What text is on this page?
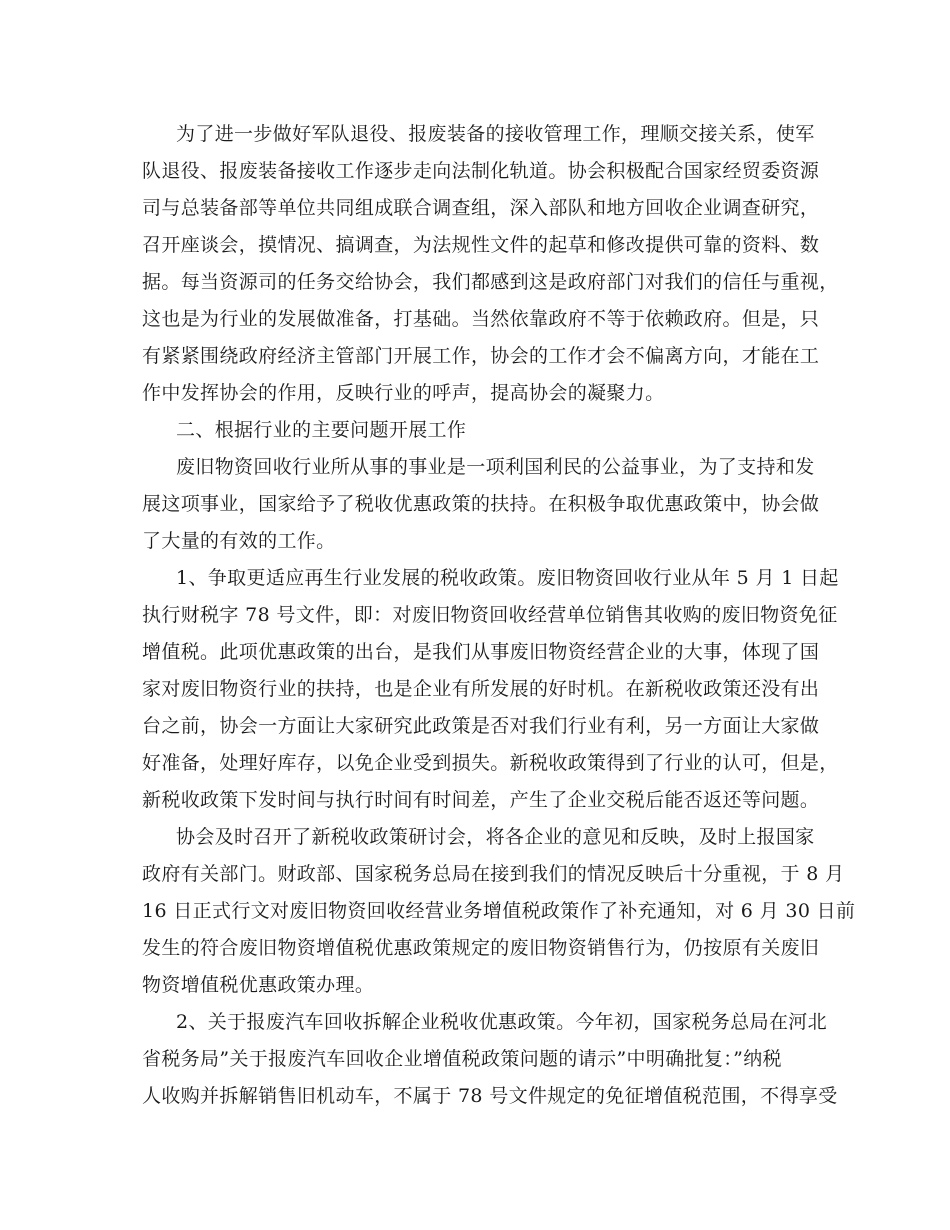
为了进一步做好军队退役、报废装备的接收管理工作，理顺交接关系，使军
队退役、报废装备接收工作逐步走向法制化轨道。协会积极配合国家经贸委资源
司与总装备部等单位共同组成联合调查组，深入部队和地方回收企业调查研究，
召开座谈会，摸情况、搞调查，为法规性文件的起草和修改提供可靠的资料、数
据。每当资源司的任务交给协会，我们都感到这是政府部门对我们的信任与重视，
这也是为行业的发展做准备，打基础。当然依靠政府不等于依赖政府。但是，只
有紧紧围绕政府经济主管部门开展工作，协会的工作才会不偏离方向，才能在工
作中发挥协会的作用，反映行业的呼声，提高协会的凝聚力。
二、根据行业的主要问题开展工作
废旧物资回收行业所从事的事业是一项利国利民的公益事业，为了支持和发
展这项事业，国家给予了税收优惠政策的扶持。在积极争取优惠政策中，协会做
了大量的有效的工作。
1、争取更适应再生行业发展的税收政策。废旧物资回收行业从年 5 月 1 日起
执行财税字 78 号文件，即：对废旧物资回收经营单位销售其收购的废旧物资免征
增值税。此项优惠政策的出台，是我们从事废旧物资经营企业的大事，体现了国
家对废旧物资行业的扶持，也是企业有所发展的好时机。在新税收政策还没有出
台之前，协会一方面让大家研究此政策是否对我们行业有利，另一方面让大家做
好准备，处理好库存，以免企业受到损失。新税收政策得到了行业的认可，但是，
新税收政策下发时间与执行时间有时间差，产生了企业交税后能否返还等问题。
协会及时召开了新税收政策研讨会，将各企业的意见和反映，及时上报国家
政府有关部门。财政部、国家税务总局在接到我们的情况反映后十分重视，于 8 月
16 日正式行文对废旧物资回收经营业务增值税政策作了补充通知，对 6 月 30 日前
发生的符合废旧物资增值税优惠政策规定的废旧物资销售行为，仍按原有关废旧
物资增值税优惠政策办理。
2、关于报废汽车回收拆解企业税收优惠政策。今年初，国家税务总局在河北
省税务局”关于报废汽车回收企业增值税政策问题的请示”中明确批复：”纳税
人收购并拆解销售旧机动车，不属于 78 号文件规定的免征增值税范围，不得享受
